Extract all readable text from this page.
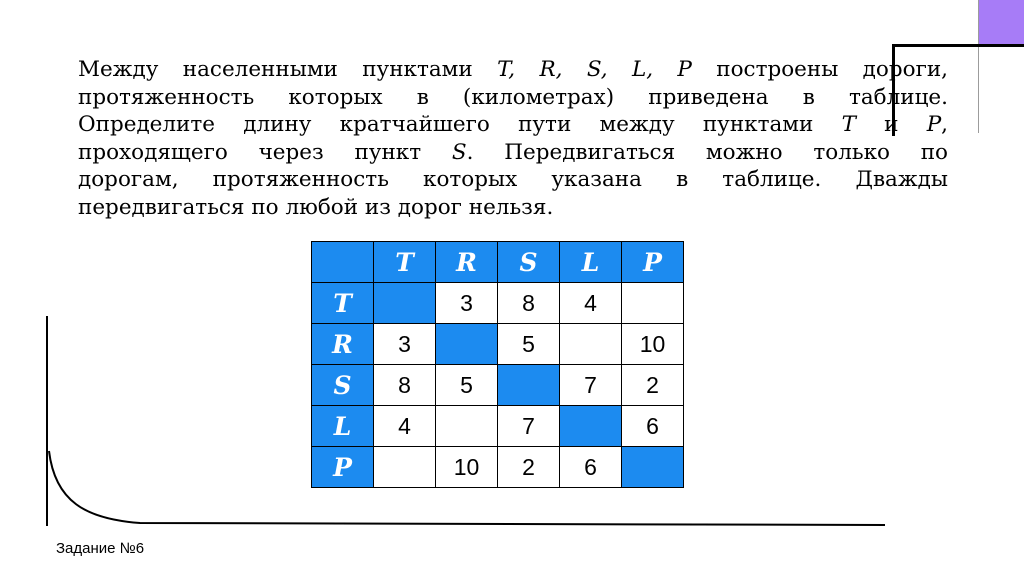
Между населенными пунктами T, R, S, L, P построены дороги,
протяженность которых в (километрах) приведена в таблице.
Определите длину кратчайшего пути между пунктами T и P,
проходящего через пункт S. Передвигаться можно только по
дорогам, протяженность которых указана в таблице. Дважды
передвигаться по любой из дорог нельзя.
	T	R	S	L	P
T		3	8	4	
R	3		5		10
S	8	5		7	2
L	4		7		6
P		10	2	6	
Задание №6
